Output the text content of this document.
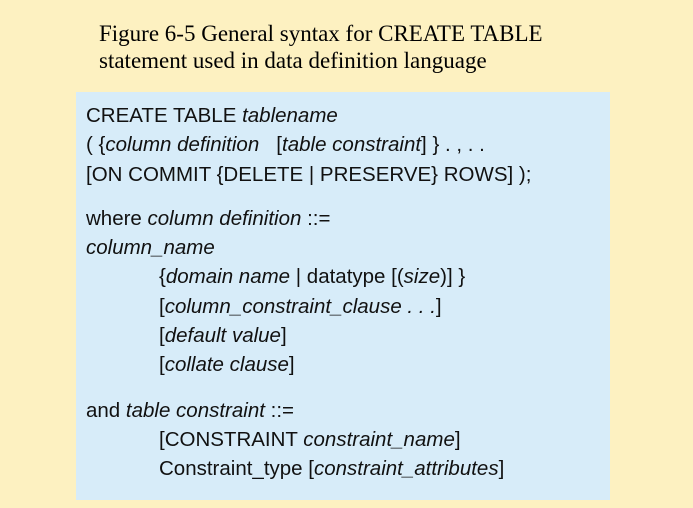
Figure 6-5 General syntax for CREATE TABLE
statement used in data definition language
CREATE TABLE tablename
( {column definition   [table constraint] } . , . .
[ON COMMIT {DELETE | PRESERVE} ROWS] );
where column definition ::=
column_name
{domain name | datatype [(size)] }
[column_constraint_clause . . .]
[default value]
[collate clause]
and table constraint ::=
[CONSTRAINT constraint_name]
Constraint_type [constraint_attributes]
